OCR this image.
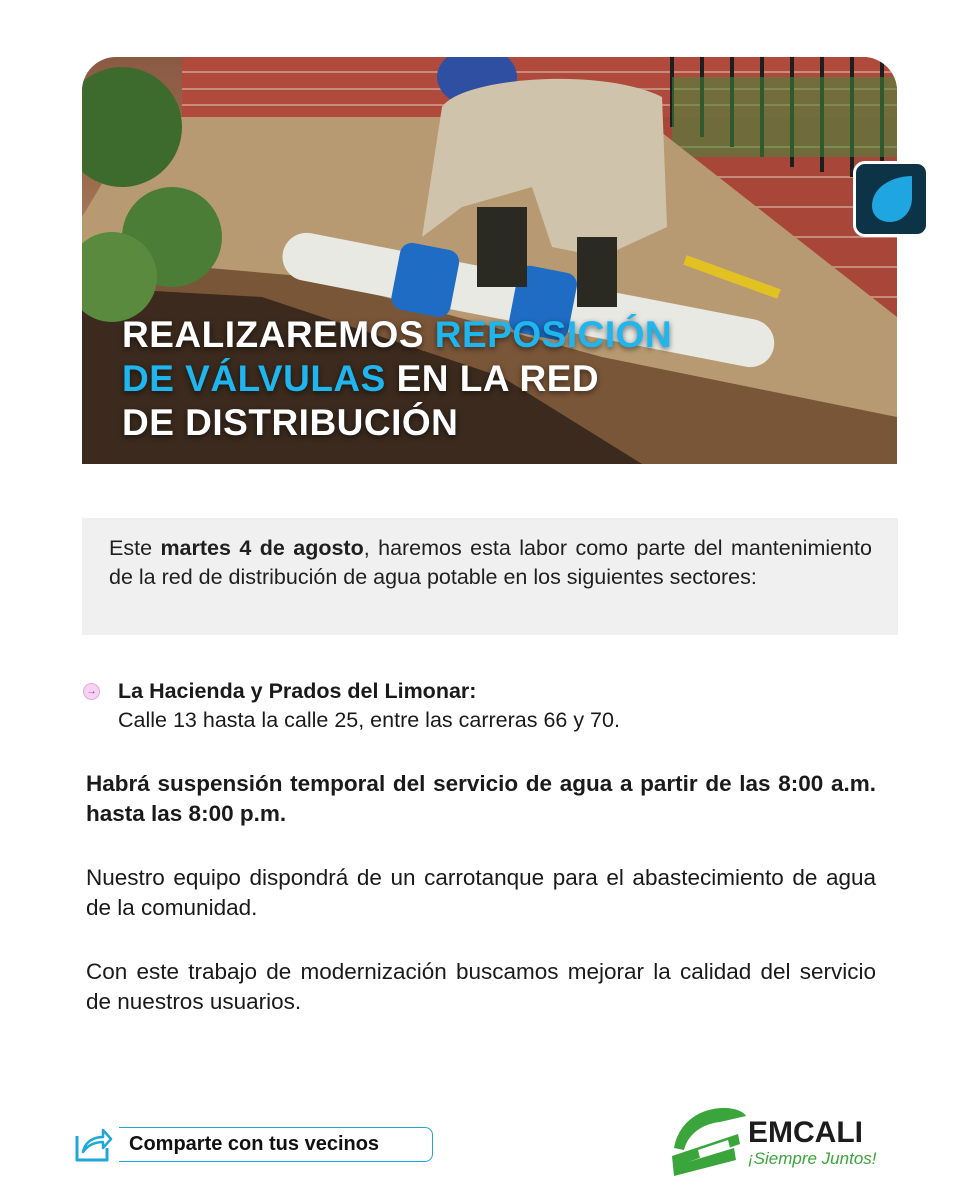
REALIZAREMOS REPOSICIÓN
DE VÁLVULAS EN LA RED
DE DISTRIBUCIÓN
Este martes 4 de agosto, haremos esta labor como parte del mantenimiento de la red de distribución de agua potable en los siguientes sectores:
→ La Hacienda y Prados del Limonar:
Calle 13 hasta la calle 25, entre las carreras 66 y 70.
Habrá suspensión temporal del servicio de agua a partir de las 8:00 a.m. hasta las 8:00 p.m.
Nuestro equipo dispondrá de un carrotanque para el abastecimiento de agua de la comunidad.
Con este trabajo de modernización buscamos mejorar la calidad del servicio de nuestros usuarios.
Comparte con tus vecinos	EMCALI
¡Siempre Juntos!
